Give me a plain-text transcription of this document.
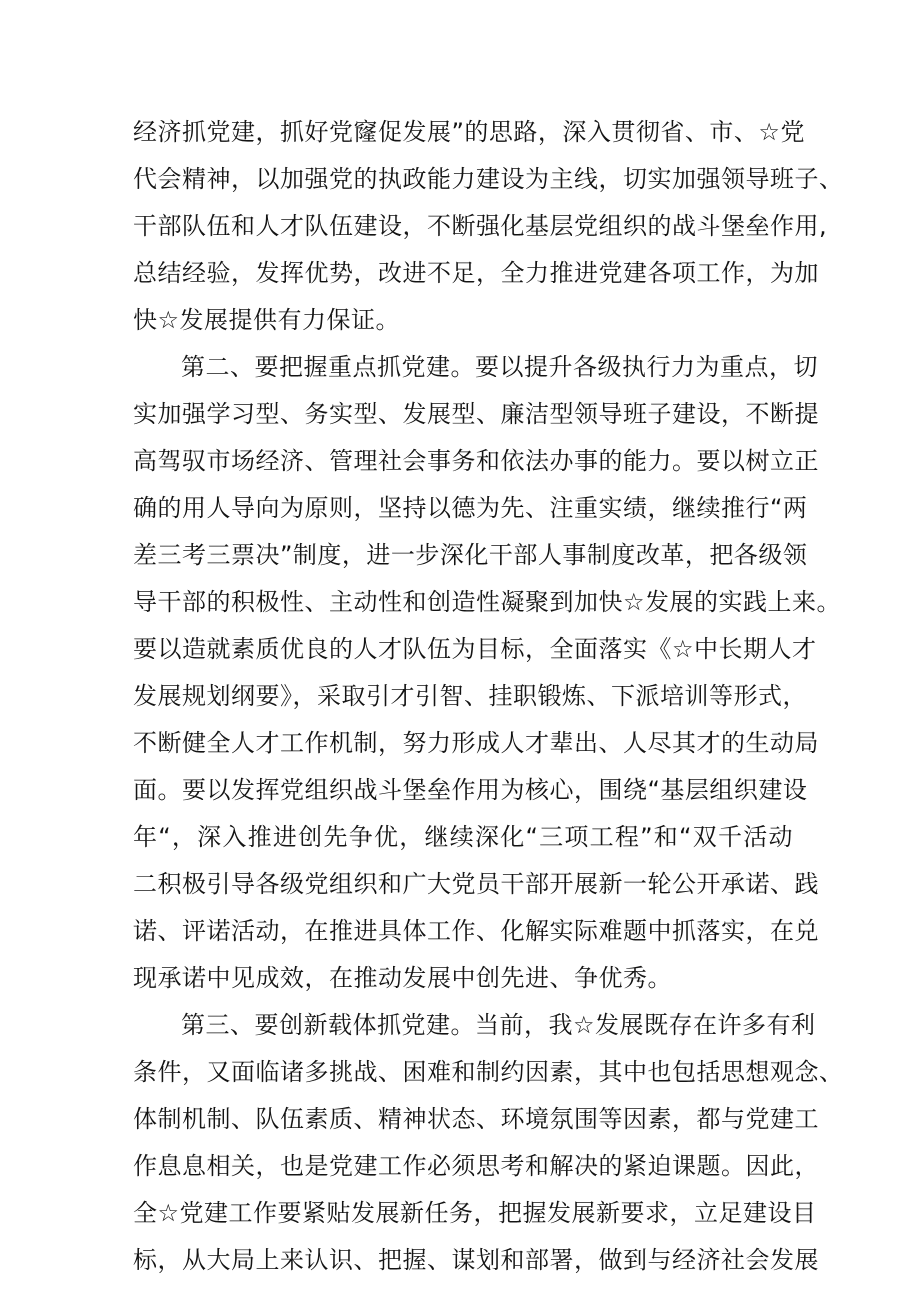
经济抓党建，抓好党窿促发展”的思路，深入贯彻省、市、☆党
代会精神，以加强党的执政能力建设为主线，切实加强领导班子、
干部队伍和人才队伍建设，不断强化基层党组织的战斗堡垒作用,
总结经验，发挥优势，改进不足，全力推进党建各项工作，为加
快☆发展提供有力保证。
第二、要把握重点抓党建。要以提升各级执行力为重点，切
实加强学习型、务实型、发展型、廉洁型领导班子建设，不断提
高驾驭市场经济、管理社会事务和依法办事的能力。要以树立正
确的用人导向为原则，坚持以德为先、注重实绩，继续推行“两
差三考三票决”制度，进一步深化干部人事制度改革，把各级领
导干部的积极性、主动性和创造性凝聚到加快☆发展的实践上来。
要以造就素质优良的人才队伍为目标，全面落实《☆中长期人才
发展规划纲要》，采取引才引智、挂职锻炼、下派培训等形式，
不断健全人才工作机制，努力形成人才辈出、人尽其才的生动局
面。要以发挥党组织战斗堡垒作用为核心，围绕“基层组织建设
年“，深入推进创先争优，继续深化“三项工程”和“双千活动
二积极引导各级党组织和广大党员干部开展新一轮公开承诺、践
诺、评诺活动，在推进具体工作、化解实际难题中抓落实，在兑
现承诺中见成效，在推动发展中创先进、争优秀。
第三、要创新载体抓党建。当前，我☆发展既存在许多有利
条件，又面临诸多挑战、困难和制约因素，其中也包括思想观念、
体制机制、队伍素质、精神状态、环境氛围等因素，都与党建工
作息息相关，也是党建工作必须思考和解决的紧迫课题。因此，
全☆党建工作要紧贴发展新任务，把握发展新要求，立足建设目
标，从大局上来认识、把握、谋划和部署，做到与经济社会发展
